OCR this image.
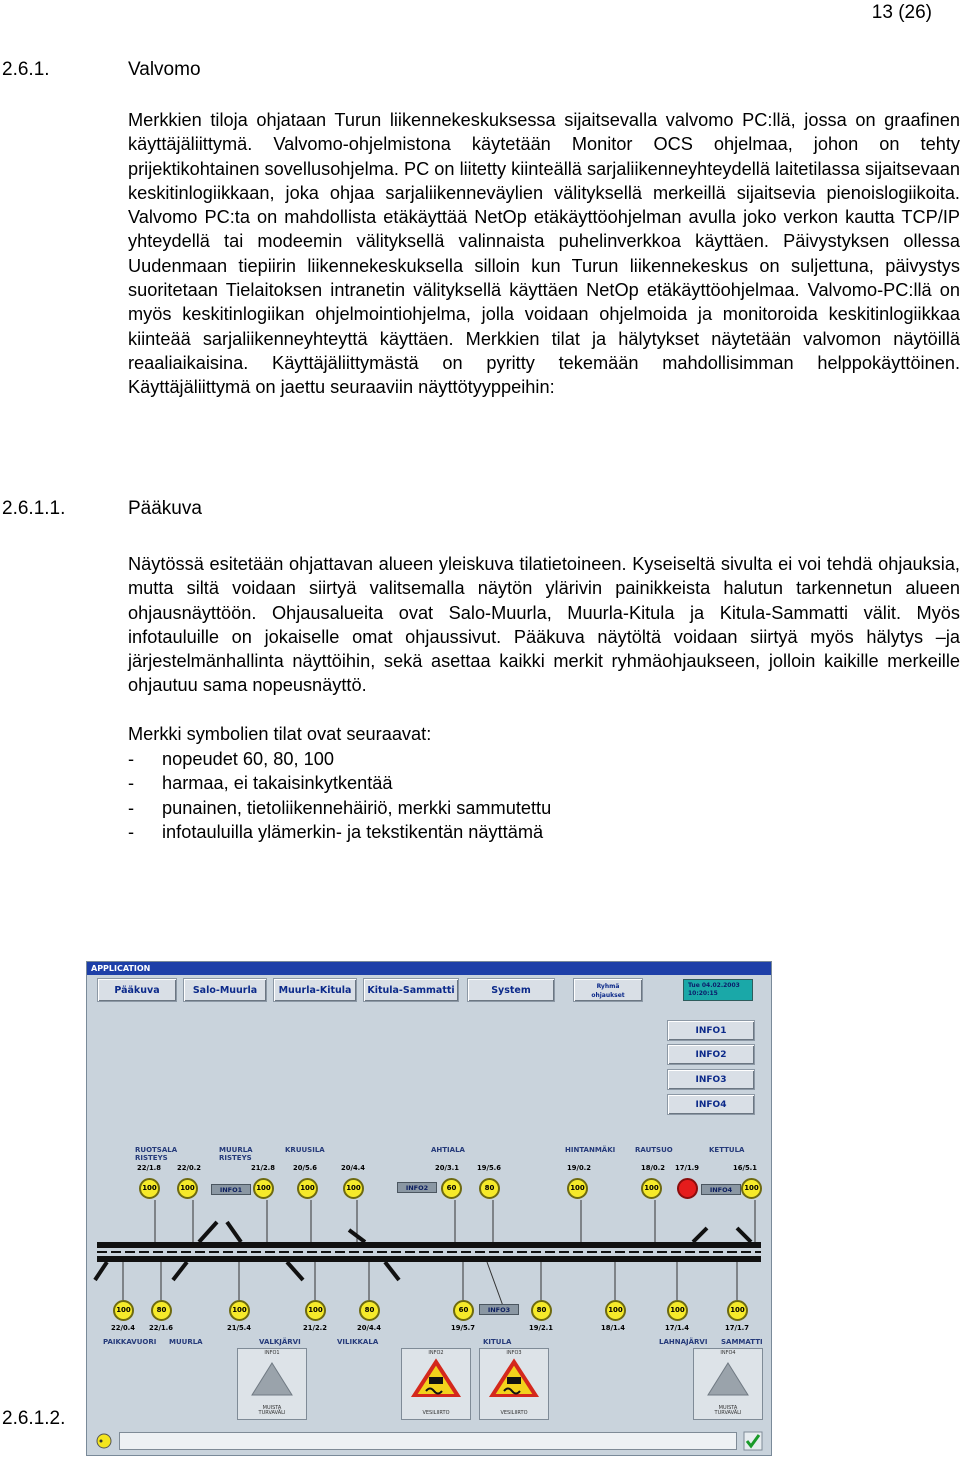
13 (26)
2.6.1.	Valvomo

Merkkien tiloja ohjataan Turun liikennekeskuksessa sijaitsevalla valvomo PC:llä, jossa on graafinen käyttäjäliittymä. Valvomo-ohjelmistona käytetään Monitor OCS ohjelmaa, johon on tehty prijektikohtainen sovellusohjelma. PC on liitetty kiinteällä sarjaliikenneyhteydellä laitetilassa sijaitsevaan keskitinlogiikkaan, joka ohjaa sarjaliikenneväylien välityksellä merkeillä sijaitsevia pienoislogiikoita. Valvomo PC:ta on mahdollista etäkäyttää NetOp etäkäyttöohjelman avulla joko verkon kautta TCP/IP yhteydellä tai modeemin välityksellä valinnaista puhelinverkkoa käyttäen. Päivystyksen ollessa Uudenmaan tiepiirin liikennekeskuksella silloin kun Turun liikennekeskus on suljettuna, päivystys suoritetaan Tielaitoksen intranetin välityksellä käyttäen NetOp etäkäyttöohjelmaa. Valvomo-PC:llä on myös keskitinlogiikan ohjelmointiohjelma, jolla voidaan ohjelmoida ja monitoroida keskitinlogiikkaa kiinteää sarjaliikenneyhteyttä käyttäen. Merkkien tilat ja hälytykset näytetään valvomon näytöillä reaaliaikaisina. Käyttäjäliittymästä on pyritty tekemään mahdollisimman helppokäyttöinen. Käyttäjäliittymä on jaettu seuraaviin näyttötyyppeihin:

2.6.1.1.	Pääkuva

Näytössä esitetään ohjattavan alueen yleiskuva tilatietoineen. Kyseiseltä sivulta ei voi tehdä ohjauksia, mutta siltä voidaan siirtyä valitsemalla näytön ylärivin painikkeista halutun tarkennetun alueen ohjausnäyttöön. Ohjausalueita ovat Salo-Muurla, Muurla-Kitula ja Kitula-Sammatti välit. Myös infotauluille on jokaiselle omat ohjaussivut. Pääkuva näytöltä voidaan siirtyä myös hälytys –ja järjestelmänhallinta näyttöihin, sekä asettaa kaikki merkit ryhmäohjaukseen, jolloin kaikille merkeille ohjautuu sama nopeusnäyttö.

Merkki symbolien tilat ovat seuraavat:

- nopeudet 60, 80, 100
- harmaa, ei takaisinkytkentää
- punainen, tietoliikennehäiriö, merkki sammutettu
- infotauluilla ylämerkin- ja tekstikentän näyttämä
2.6.1.2.
APPLICATION
Pääkuva	Salo-Muurla	Muurla-Kitula	Kitula-Sammatti	System	Ryhmä
ohjaukset
Tue 04.02.2003
10:20:15
INFO1
INFO2
INFO3
INFO4
RUOTSALA
RISTEYS
MUURLA
RISTEYS
KRUUSILA	AHTIALA	HINTANMÄKI	RAUTSUO	KETTULA
22/1.8 22/0.2	21/2.8	20/5.6	20/4.4	20/3.1	19/5.6	19/0.2	18/0.2 17/1.9	16/5.1
100	100	INFO1	100	100	100	INFO2	60	80	100	100	INFO4	100
100	80	100	100	80	60	INFO3	80	100	100	100
22/0.4 22/1.6	21/5.4	21/2.2	20/4.4	19/5.7	19/2.1	18/1.4	17/1.4	17/1.7
PAIKKAVUORI MUURLA	VALKJÄRVI	VILIKKALA	KITULA	LAHNAJÄRVI SAMMATTI
INFO1
MUISTA
TURVAVÄLI
INFO2
VESILIIRTO
INFO3
VESILIIRTO
INFO4
MUISTA
TURVAVÄLI
